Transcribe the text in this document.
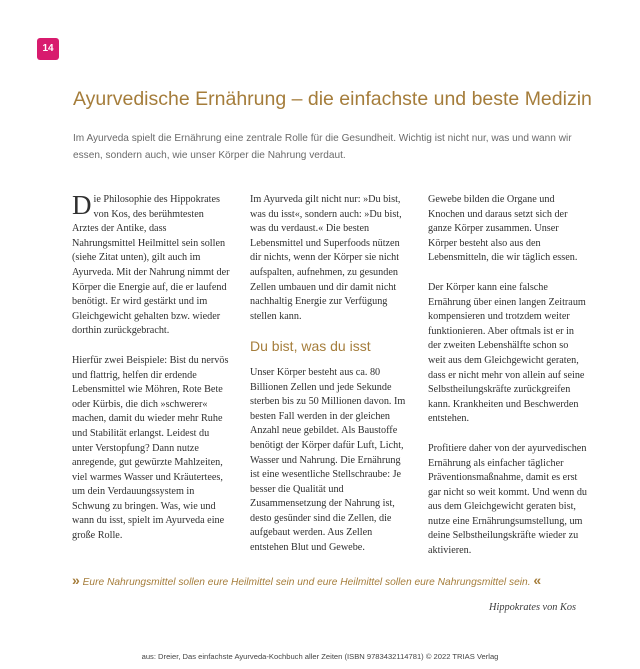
14
Ayurvedische Ernährung – die einfachste und beste Medizin

Im Ayurveda spielt die Ernährung eine zentrale Rolle für die Gesundheit. Wichtig ist nicht nur, was und wann wir essen, sondern auch, wie unser Körper die Nahrung verdaut.

Die Philosophie des Hippokrates von Kos, des berühmtesten Arztes der Antike, dass Nahrungsmittel Heilmittel sein sollen (siehe Zitat unten), gilt auch im Ayurveda. Mit der Nahrung nimmt der Körper die Energie auf, die er laufend benötigt. Er wird gestärkt und im Gleichgewicht gehalten bzw. wieder dorthin zurückgebracht.

Hierfür zwei Beispiele: Bist du nervös und flattrig, helfen dir erdende Lebensmittel wie Möhren, Rote Bete oder Kürbis, die dich »schwerer« machen, damit du wieder mehr Ruhe und Stabilität erlangst. Leidest du unter Verstopfung? Dann nutze anregende, gut gewürzte Mahlzeiten, viel warmes Wasser und Kräutertees, um dein Verdauungssystem in Schwung zu bringen. Was, wie und wann du isst, spielt im Ayurveda eine große Rolle.

Im Ayurveda gilt nicht nur: »Du bist, was du isst«, sondern auch: »Du bist, was du verdaust.« Die besten Lebensmittel und Superfoods nützen dir nichts, wenn der Körper sie nicht aufspalten, aufnehmen, zu gesunden Zellen umbauen und dir damit nicht nachhaltig Energie zur Verfügung stellen kann.

Du bist, was du isst

Unser Körper besteht aus ca. 80 Billionen Zellen und jede Sekunde sterben bis zu 50 Millionen davon. Im besten Fall werden in der gleichen Anzahl neue gebildet. Als Baustoffe benötigt der Körper dafür Luft, Licht, Wasser und Nahrung. Die Ernährung ist eine wesentliche Stellschraube: Je besser die Qualität und Zusammensetzung der Nahrung ist, desto gesünder sind die Zellen, die aufgebaut werden. Aus Zellen entstehen Blut und Gewebe.

Gewebe bilden die Organe und Knochen und daraus setzt sich der ganze Körper zusammen. Unser Körper besteht also aus den Lebensmitteln, die wir täglich essen.

Der Körper kann eine falsche Ernährung über einen langen Zeitraum kompensieren und trotzdem weiter funktionieren. Aber oftmals ist er in der zweiten Lebenshälfte schon so weit aus dem Gleichgewicht geraten, dass er nicht mehr von allein auf seine Selbstheilungskräfte zurückgreifen kann. Krankheiten und Beschwerden entstehen.

Profitiere daher von der ayurvedischen Ernährung als einfacher täglicher Präventionsmaßnahme, damit es erst gar nicht so weit kommt. Und wenn du aus dem Gleichgewicht geraten bist, nutze eine Ernährungsumstellung, um deine Selbstheilungskräfte wieder zu aktivieren.

» Eure Nahrungsmittel sollen eure Heilmittel sein und eure Heilmittel sollen eure Nahrungsmittel sein. «

Hippokrates von Kos

aus: Dreier, Das einfachste Ayurveda-Kochbuch aller Zeiten (ISBN 9783432114781) © 2022 TRIAS Verlag
